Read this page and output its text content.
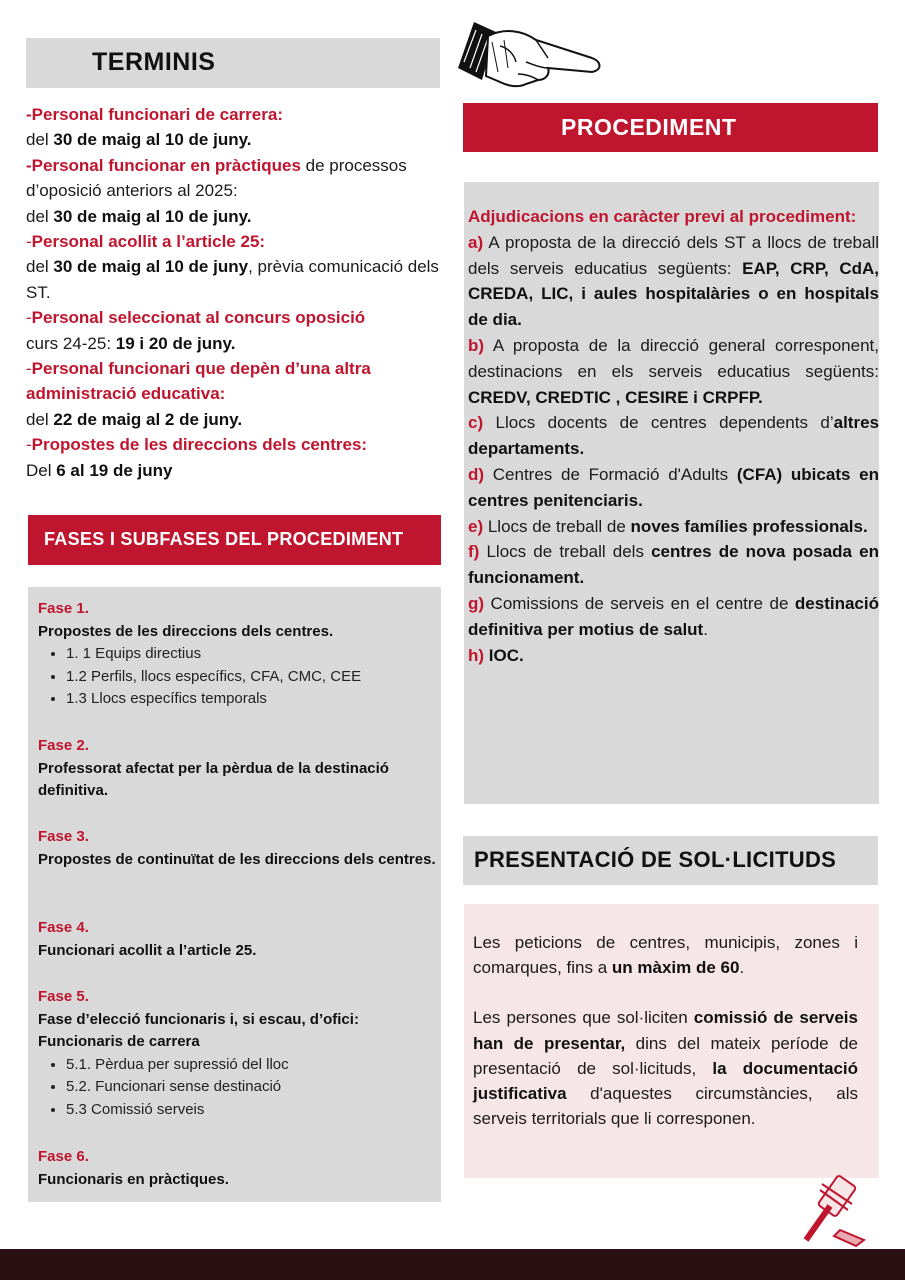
TERMINIS

-Personal funcionari de carrera:

del 30 de maig al 10 de juny.

-Personal funcionar en pràctiques de processos d’oposició anteriors al 2025:

del 30 de maig al 10 de juny.

-Personal acollit a l’article 25:

del 30 de maig al 10 de juny, prèvia comunicació dels ST.

-Personal seleccionat al concurs oposició

curs 24-25: 19 i 20 de juny.

-Personal funcionari que depèn d’una altra administració educativa:

del 22 de maig al 2 de juny.

-Propostes de les direccions dels centres:

Del 6 al 19 de juny

FASES I SUBFASES DEL PROCEDIMENT
Fase 1.
Propostes de les direccions dels centres.
• 1. 1 Equips directius
• 1.2 Perfils, llocs específics, CFA, CMC, CEE
• 1.3 Llocs específics temporals
Fase 2.
Professorat afectat per la pèrdua de la destinació definitiva.
Fase 3.
Propostes de continuïtat de les direccions dels centres.
Fase 4.
Funcionari acollit a l’article 25.
Fase 5.
Fase d’elecció funcionaris i, si escau, d’ofici: Funcionaris de carrera
• 5.1. Pèrdua per supressió del lloc
• 5.2. Funcionari sense destinació
• 5.3 Comissió serveis
Fase 6.
Funcionaris en pràctiques.
PROCEDIMENT

Adjudicacions en caràcter previ al procediment:

a) A proposta de la direcció dels ST a llocs de treball dels serveis educatius següents: EAP, CRP, CdA, CREDA, LIC, i aules hospitalàries o en hospitals de dia.

b) A proposta de la direcció general corresponent, destinacions en els serveis educatius següents: CREDV, CREDTIC , CESIRE i CRPFP.

c) Llocs docents de centres dependents d’altres departaments.

d) Centres de Formació d'Adults (CFA) ubicats en centres penitenciaris.

e) Llocs de treball de noves famílies professionals.

f) Llocs de treball dels centres de nova posada en funcionament.

g) Comissions de serveis en el centre de destinació definitiva per motius de salut.

h) IOC.

PRESENTACIÓ DE SOL·LICITUDS

Les peticions de centres, municipis, zones i comarques, fins a un màxim de 60.

Les persones que sol·liciten comissió de serveis han de presentar, dins del mateix període de presentació de sol·licituds, la documentació justificativa d'aquestes circumstàncies, als serveis territorials que li corresponen.
